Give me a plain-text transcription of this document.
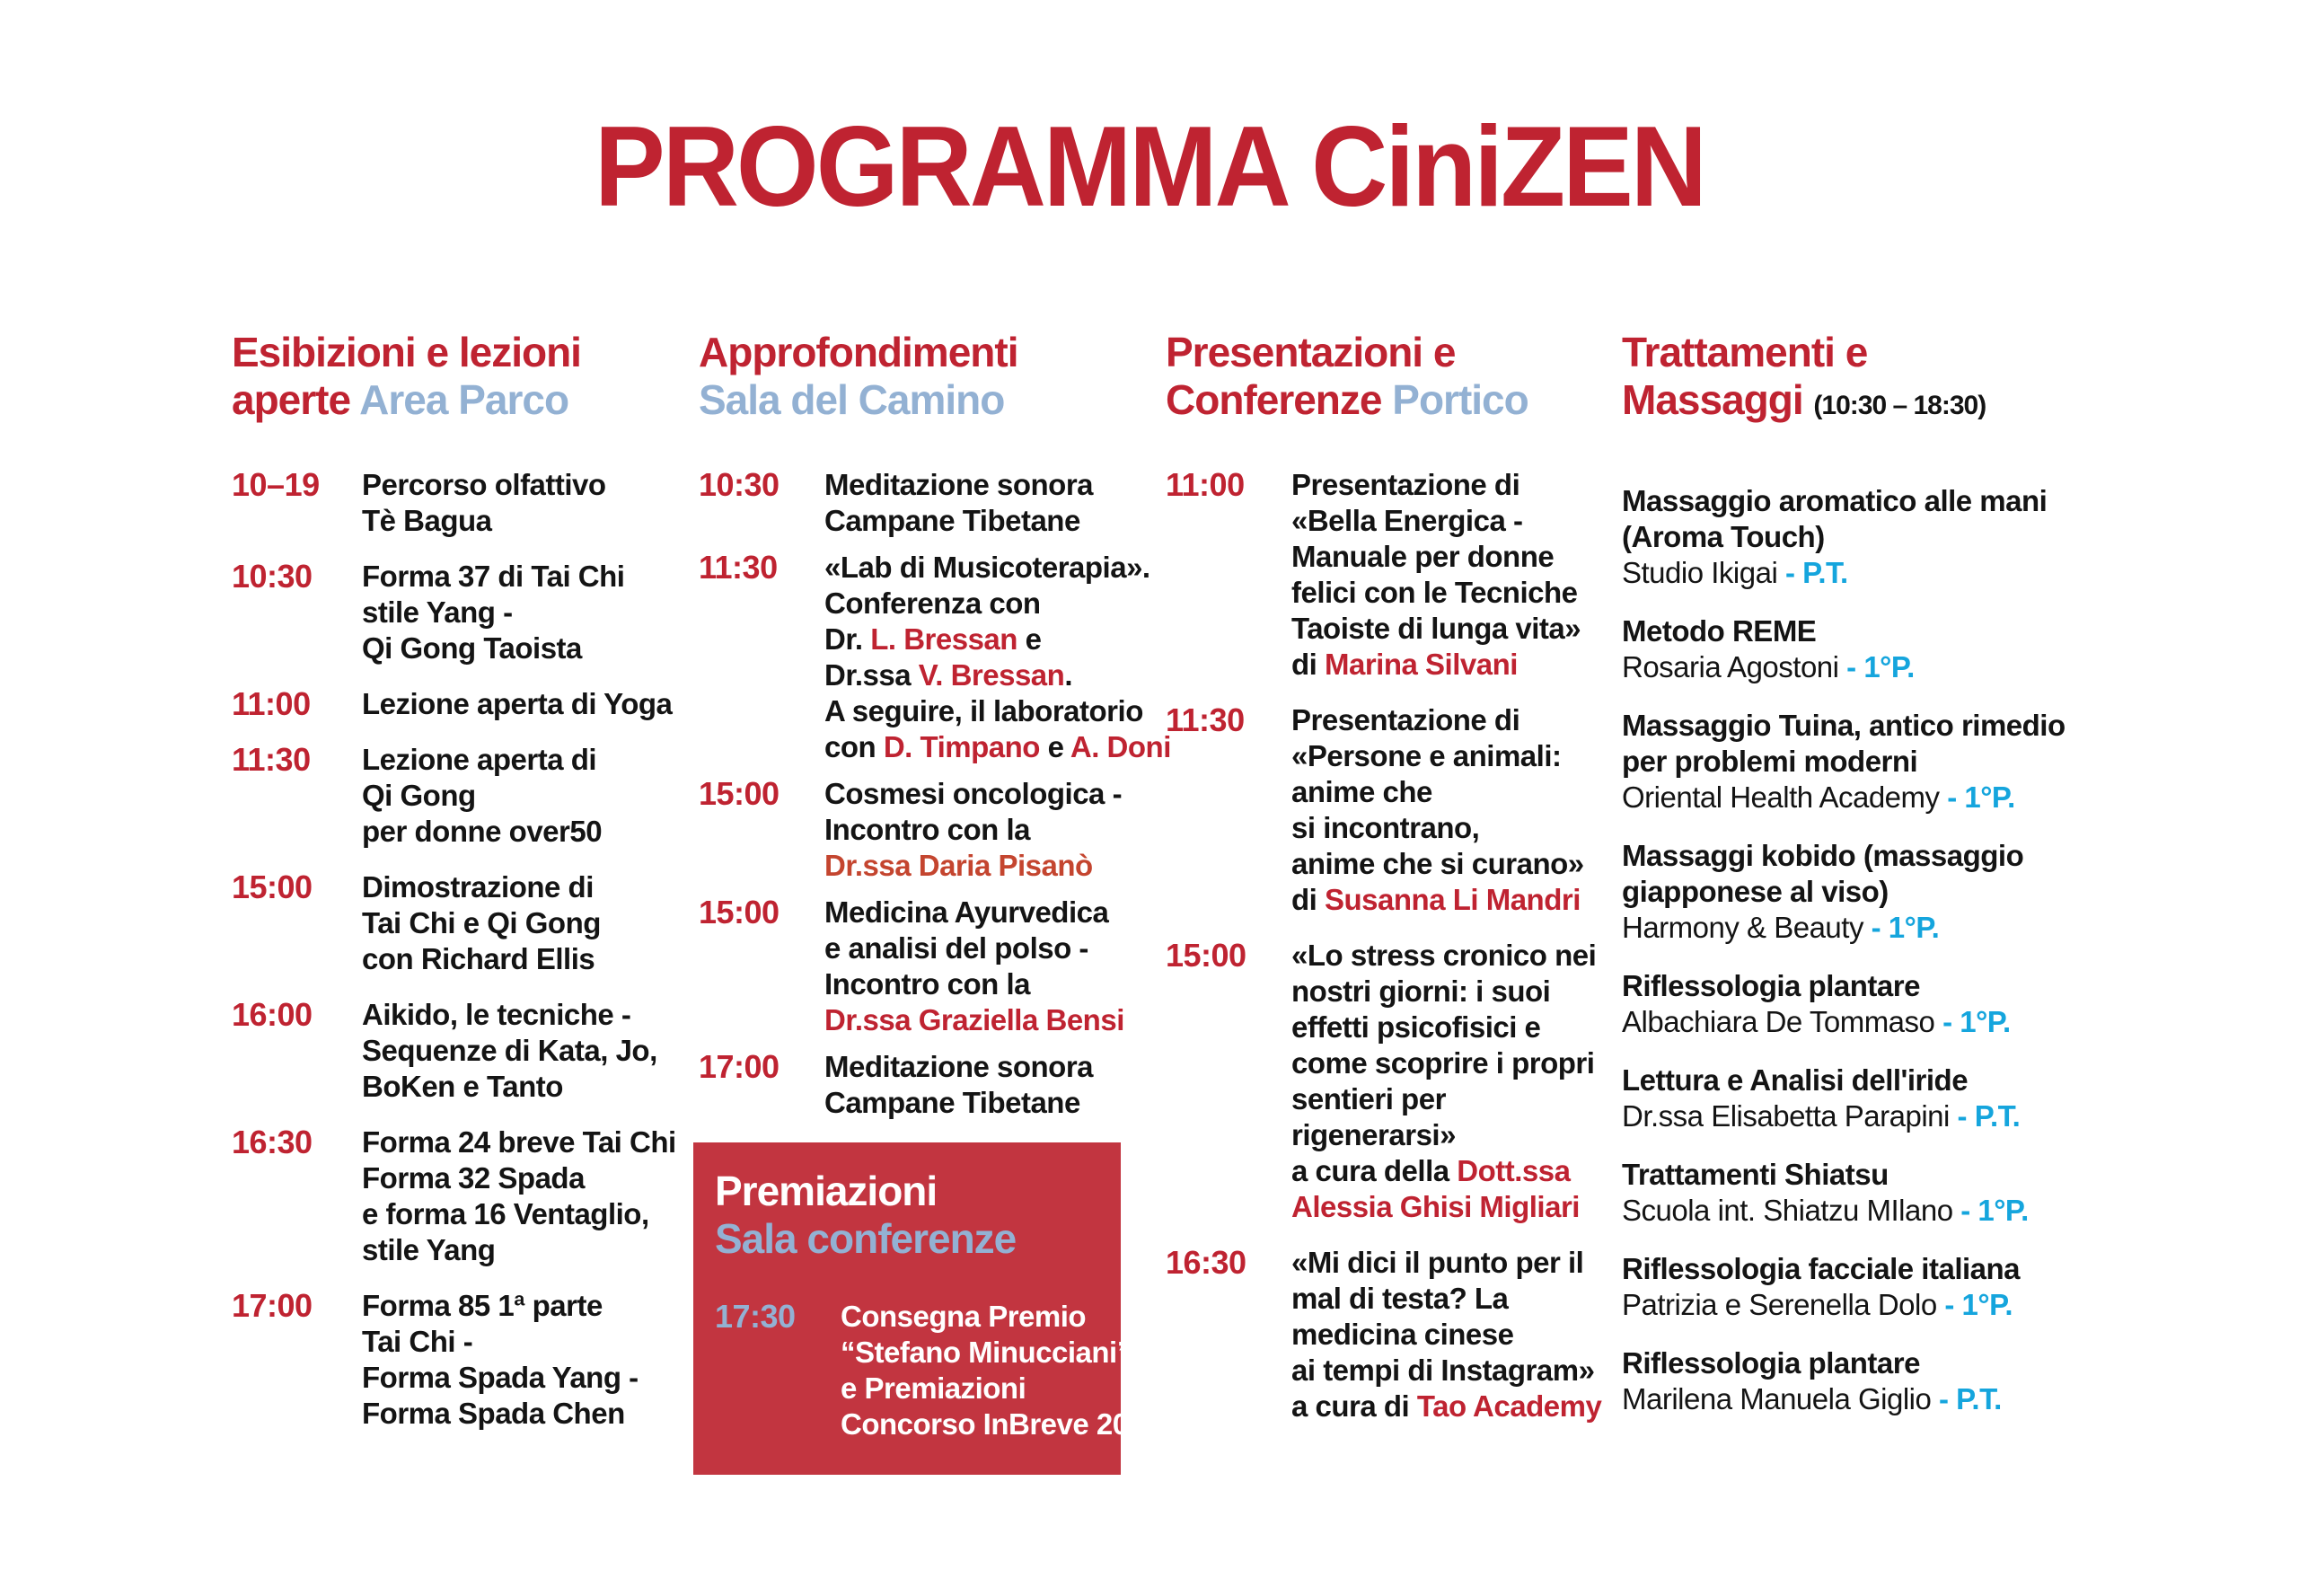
PROGRAMMA CiniZEN
Esibizioni e lezioni
aperte Area Parco
10–19	Percorso olfattivo
Tè Bagua
10:30	Forma 37 di Tai Chi
stile Yang -
Qi Gong Taoista
11:00	Lezione aperta di Yoga
11:30	Lezione aperta di
Qi Gong
per donne over50
15:00	Dimostrazione di
Tai Chi e Qi Gong
con Richard Ellis
16:00	Aikido, le tecniche -
Sequenze di Kata, Jo,
BoKen e Tanto
16:30	Forma 24 breve Tai Chi
Forma 32 Spada
e forma 16 Ventaglio,
stile Yang
17:00	Forma 85 1ª parte
Tai Chi -
Forma Spada Yang -
Forma Spada Chen
Approfondimenti
Sala del Camino
10:30	Meditazione sonora
Campane Tibetane
11:30	«Lab di Musicoterapia».
Conferenza con
Dr. L. Bressan e
Dr.ssa V. Bressan.
A seguire, il laboratorio
con D. Timpano e A. Doni
15:00	Cosmesi oncologica -
Incontro con la
Dr.ssa Daria Pisanò
15:00	Medicina Ayurvedica
e analisi del polso -
Incontro con la
Dr.ssa Graziella Bensi
17:00	Meditazione sonora
Campane Tibetane
Premiazioni
Sala conferenze
17:30	Consegna Premio
“Stefano Minucciani”
e Premiazioni
Concorso InBreve 2025
Presentazioni e
Conferenze Portico
11:00	Presentazione di
«Bella Energica -
Manuale per donne
felici con le Tecniche
Taoiste di lunga vita»
di Marina Silvani
11:30	Presentazione di
«Persone e animali:
anime che
si incontrano,
anime che si curano»
di Susanna Li Mandri
15:00	«Lo stress cronico nei
nostri giorni: i suoi
effetti psicofisici e
come scoprire i propri
sentieri per
rigenerarsi»
a cura della Dott.ssa
Alessia Ghisi Migliari
16:30	«Mi dici il punto per il
mal di testa? La
medicina cinese
ai tempi di Instagram»
a cura di Tao Academy
Trattamenti e
Massaggi (10:30 – 18:30)
Massaggio aromatico alle mani
(Aroma Touch)
Studio Ikigai - P.T.
Metodo REME
Rosaria Agostoni - 1°P.
Massaggio Tuina, antico rimedio
per problemi moderni
Oriental Health Academy - 1°P.
Massaggi kobido (massaggio
giapponese al viso)
Harmony & Beauty - 1°P.
Riflessologia plantare
Albachiara De Tommaso - 1°P.
Lettura e Analisi dell'iride
Dr.ssa Elisabetta Parapini - P.T.
Trattamenti Shiatsu
Scuola int. Shiatzu MIlano - 1°P.
Riflessologia facciale italiana
Patrizia e Serenella Dolo - 1°P.
Riflessologia plantare
Marilena Manuela Giglio - P.T.
